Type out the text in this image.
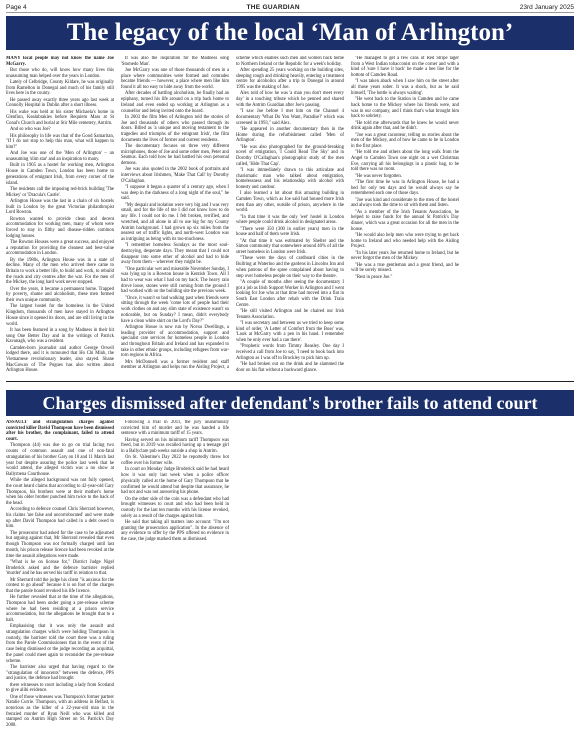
Page 4	THE GUARDIAN	23rd January 2025
The legacy of the local ‘Man of Arlington’

MANY local people may not know the name Joe McGarry.

But those who do, will know how many lives this unassuming man helped over the years in London.

Lately of Celbridge, County Kildare, he was originally from Ramelton in Donegal and much of his family still lives here in the county.

He passed away exactly three years ago last week at Connolly Hospital in Dublin after a short illness.

His wake was held at his sister Michaela's home in Glenfinn, Kealubrakies before Requiem Mass at St Conal's Church and burial at Stir Mile cemetery, Antrim.

And so who was Joe?

His philosophy in life was that of the Good Samaritan, "If I do not stop to help this man, what will happen to him?"

And Joe was one of the 'Men of Arlington' – an unassuming 'slim star' and an inspiration to many.

Built in 1905 as a hostel for working men, Arlington House in Camden Town, London has been home to generations of emigrant Irish, from every corner of the island.

The residents call the imposing red-brick building 'The Mickey' or 'Dracula's Castle'.

Arlington House was the last in a chain of six hostels built in London by the great Victorian philanthropist Lord Rowton.

Rowton wanted to provide clean and decent accommodation for working men, many of whom were forced to stay in filthy and disease-ridden common lodging houses.

The Rowton Houses were a great success, and enjoyed a reputation for providing the cleanest and best-value accommodation in London.

By the 1980s, Arlington House was in a state of decline. Many of the men who arrived there came to Britain to work a better life, to build and work, to rebuild the roads and city centres after the war. For the men of the Mickey, the long hard work never stopped.

Over the years, it became a permanent home. Trapped by poverty, shame and alcoholism, these men formed their own unique community.

The largest hostel for the homeless in the United Kingdom, thousands of men have stayed in Arlington House since it opened its doors, and are still living in the world.

It has been featured in a song by Madness in their hit song One Better Day and in the writings of Patrick Kavanagh, who was a resident.

Camden-born journalist and author George Orwell lodged there, and it is rumoured that Ho Chi Minh, the Vietnamese revolutionary leader, also stayed. Shane MacGowan of The Pogues has also written about Arlington House.

It was also the inspiration for the Madness song 'Stomedo Man'.

Joe McGarry was one of those thousands of men in a place where communities were formed and comrades became friends — however, a place where men like him found it all too easy to hide away from the world.

After decades of battling alcoholism, he finally had an epiphany, turned his life around on a trip back home to Ireland and even ended up working at Arlington as a counsellor and being invited onto the board.

In 2003 the film Men of Arlington told the stories of Joe and thousands of others who passed through its doors. Billed as 'a unique and moving testament to the tragedies and triumphs of the emigrant Irish', the film documents the lives of former and current residents.

The documentary focuses on three very different microphones, those of Joe and some other men, Peter and Seamus. Each told how he had battled his own personal demons.

Joe was also quoted in the 2002 book of portraits and interviews about Irishmen, 'Make That Call' by Dorothy O'Callaghan.

"I suppose it began a quarter of a century ago, when I was deep in the darkness of a long night of the soul," he said.

"My despair and isolation were very big and I was very small, and for the life of me I did not know how to do any life. I could not do me. I felt broken, terrified, and wretched, and all alone in all to use big for my County Antrim background. I had grown up six miles from the nearest set of traffic lights, and north-west London was as intriguing as being with its too-muchness.

"I remember homeless Sundays as the most soul-destroying, desperate days. They meant that I could not disappear into some other of alcohol and had to hide away from them – wherever they might be.

"One particular wet and miserable November Sunday, I was lying up in a Rowton house in Kentish Town. All I had to wear was what I had on my back. The heavy rain drove loose, stones were still coming from the ground I had worked with on the building site the previous week.

"Once, it wasn't so bad walking past when friends were sitting through the week 'come lots of people had their work clothes on and any slim state of existence wasn't so noticeable, but on Sunday? I mean, didn't everybody have a clean white shirt on the Lord's Day?"

Arlington House is now run by Novus Dwellings, a leading provider of accommodation, support and specialist care services for homeless people in London and throughout Britain and Ireland and has expanded to take in other ethnic groups, including refugees from war-torn regions in Africa.

Mrs McDonnell was a former resident and staff member at Arlington and helps run the Aisling Project, a scheme which enables such men and women back home to Northern Ireland or the Republic for a week's holiday.

After spending 25 years working on the building sites, sleeping rough and drinking heavily, entering a treatment centre for alcoholics after a trip to Donegal in around 1995 was the making of Joe.

Alex told of how he was 'a man you don't meet every day' in a touching tribute which he penned and shared with the Antrim Guardian after Joe's passing.

"I saw Joe before I met him on the Channel 4 documentary 'What Do You Want, Paradise?' which was screened in 1993," said Alex.

"He appeared in another documentary then in the Home during the refurbishment called 'Men of Arlington'.

"He was also photographed for the ground-breaking novel of emigration, 'I Could Read The Sky' and in Dorothy O'Callaghan's photographic study of the men called, 'Hide That Cap'.

"I was immediately drawn to this articulate and charismatic man who talked about emigration, homelessness and his relationship with alcohol with honesty and candour.

I also learned a lot about this amazing building in Camden Town, which as Joe said had housed more Irish men than any other, outside of prison, anywhere in the world.

"In that time it was the only 'wet' hostel in London where people could drink alcohol in designated areas.

"There were 350 (300 in earlier years) men in the house and half of them were Irish.

"At that time it was estimated by Shelter and the Simon community that somewhere around 40% of all the street homeless in London were Irish.

"These were the days of cardboard cities in the Bullring at Waterloo and the gardens in Lincolns Inn and when patrons of the spree complained about having to step over homeless people on their way to the theatre.

"A couple of months after seeing the documentary I got a job as Irish Support Worker in Arlington and I went looking for Joe who at that time had moved into a flat in South East London after rehab with the Drink Train Centre.

"He still visited Arlington and he chaired our Irish Tenants Association.

"I was secretary and between us we tried to keep some kind of order, 'A Letter of Comfort from the Boss' was, 'Look at McGarry with a pen in his hand. I remember when he only ever had a can there'.

"Prophetic words from Timmy Beasley. One day I received a call from Joe to say, 'I need to book back into Arlington as I was off to Brockley to pick him up.

"He had broken out on the drink and he slammed the door on his flat without a backward glance.

"He managed to get a few cans of Red Stripe lager from a West Indian tobacconist on the corner and with a kind of 'sure I have it back' he made a bee line for the bottom of Camden Road.

"I was taken aback when I saw him on the street after all those years sober. It was a shock, but as he said himself, 'The bottle is always waiting'.

"He went back to the Station in Camden and he came back home to the Mickey where his friends were, and was in our company, and I think that's what brought him back to sobriety.

"He told me afterwards that he knew he would never drink again after that, and he didn't.

"Joe was a great raconteur, telling us stories about the men of the Mickey, and of how he came to be in London in the first place.

"He told me and others about the long walk from the Angel to Camden Town one night on a wet Christmas Eve, carrying all his belongings in a plastic bag, to be told there was no room.

"He was never forgotten.

"The first time he was in Arlington House, he had a bed for only ten days and he would always say he remembered each one of those days.

"Joe was kind and considerate to the men of the hostel and always took the time to sit with them and listen.

"As a member of the Irish Tenants Association, he helped to raise funds for the annual St Patrick's Day dinner, which was a great occasion for all the men in the house.

"He would also help men who were trying to get back home to Ireland and who needed help with the Aisling Project.

"In his later years Joe returned home to Ireland, but he never forgot the men of the Mickey.

"He was a true gentleman and a great friend, and he will be sorely missed.

"Rest in peace Joe."

Charges dismissed after defendant's brother fails to attend court

ASSAULT and strangulation charges against convicted killer David Thompson have been dismissed after his brother, the complainant, failed to attend court.

Thompson (44) was due to go on trial facing two counts of common assault and one of non-fatal strangulation of his brother Gary on 10 and 11 March last year but despite assuring the police last week that he would attend, the alleged victim was a no show at Ballymena Courthouse.

While the alleged background was not fully opened, the court heard claims that according to 42-year-old Gary Thompson, his brothers were at their mother's home when his older brother punched him twice to the back of the head.

According to defence counsel Chris Sherrard however, his claims 'are false and uncorroborated' and were made up after David Thompson had called in a debt owed to him.

The prosecutor had asked for the case to be adjourned but arguing against that, Mr Sherrard revealed that even though Thompson was not formally charged until last month, his prison release licence had been revoked at the time the assault allegations were made.

"What is he on license for," District Judge Nigel Broderick asked and the defence barrister replied 'murder' and he has served his tariff in relation to that.

Mr Sherrard told the judge his client "is anxious for the contest to go ahead" because it is on foot of the charges that the parole board revoked his life licence.

He further revealed that at the time of the allegations, Thompson had been under going a pre-release scheme where he had been residing at a prison service accommodation, but the allegations he brought that to a halt.

Emphasising that it was only the assault and strangulation charges which were holding Thompson in custody, the barrister told the court there was a ruling from the Parole Commissioners that in the event of the case being dismissed or the judge recording an acquittal, the panel could meet again to reconsider the pre-release scheme.

The barrister also urged that having regard to the "strangulation of innocents" between the defence, PPS and justice, the defence had brought

there witnesses to court including a lady from Scotland to give alibi evidence.

One of those witnesses was Thompson's former partner Natalie Currie. Thompson, with an address in Belfast, is notorious as the killer of a 22-year-old man in the frenzied murder of Ryan Neill who was killed and stamped on Antrim High Street on St. Patrick's Day 2008.

Following a trial in 2011, the jury unanimously convicted him of murder and he was handed a life sentence with a minimum tariff of 15 years.

Having served on his minimum tariff Thompson was freed, but in 2019 was recalled having up a teenage girl in a Ballyclare pub weeks outside a shop in Antrim.

On St. Valentine's Day 2022 he reportedly threw hot coffee over his former wife.

In court on Monday Judge Broderick said he had heard how it was only last week when a police officer physically called at the home of Gary Thompson that he confirmed he would attend but despite that assurance, he had not and was not answering his phone.

On the other side of the coin was a defendant who had brought witnesses to court and who had been held in custody for the last ten months with his license revoked, solely as a result of the charges against him.

He said that taking all matters into account: "I'm not granting the prosecution application". In the absence of any evidence to offer by the PPS offered no evidence in the case, the judge marked them as dismissed.
